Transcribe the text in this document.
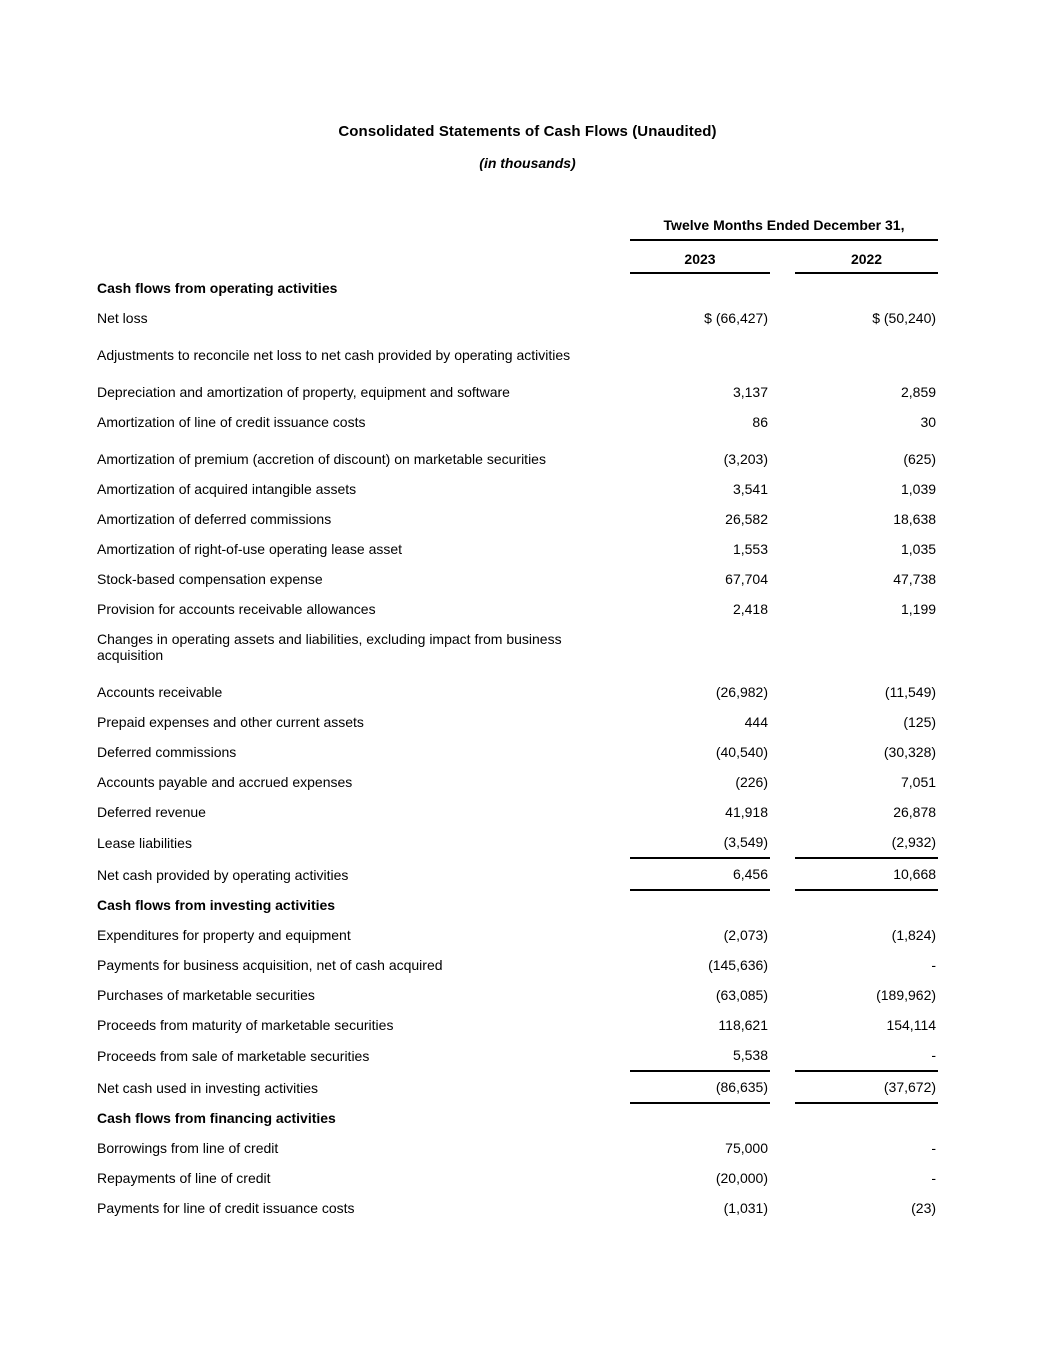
Consolidated Statements of Cash Flows (Unaudited)
(in thousands)
	Twelve Months Ended December 31,		
	2023		2022
Cash flows from operating activities			
Net loss	$ (66,427)		$ (50,240)
Adjustments to reconcile net loss to net cash provided by operating activities			
Depreciation and amortization of property, equipment and software	3,137		2,859
Amortization of line of credit issuance costs	86		30
Amortization of premium (accretion of discount) on marketable securities	(3,203)		(625)
Amortization of acquired intangible assets	3,541		1,039
Amortization of deferred commissions	26,582		18,638
Amortization of right-of-use operating lease asset	1,553		1,035
Stock-based compensation expense	67,704		47,738
Provision for accounts receivable allowances	2,418		1,199
Changes in operating assets and liabilities, excluding impact from business acquisition			
Accounts receivable	(26,982)		(11,549)
Prepaid expenses and other current assets	444		(125)
Deferred commissions	(40,540)		(30,328)
Accounts payable and accrued expenses	(226)		7,051
Deferred revenue	41,918		26,878
Lease liabilities	(3,549)		(2,932)
Net cash provided by operating activities	6,456		10,668
Cash flows from investing activities			
Expenditures for property and equipment	(2,073)		(1,824)
Payments for business acquisition, net of cash acquired	(145,636)		-
Purchases of marketable securities	(63,085)		(189,962)
Proceeds from maturity of marketable securities	118,621		154,114
Proceeds from sale of marketable securities	5,538		-
Net cash used in investing activities	(86,635)		(37,672)
Cash flows from financing activities			
Borrowings from line of credit	75,000		-
Repayments of line of credit	(20,000)		-
Payments for line of credit issuance costs	(1,031)		(23)
